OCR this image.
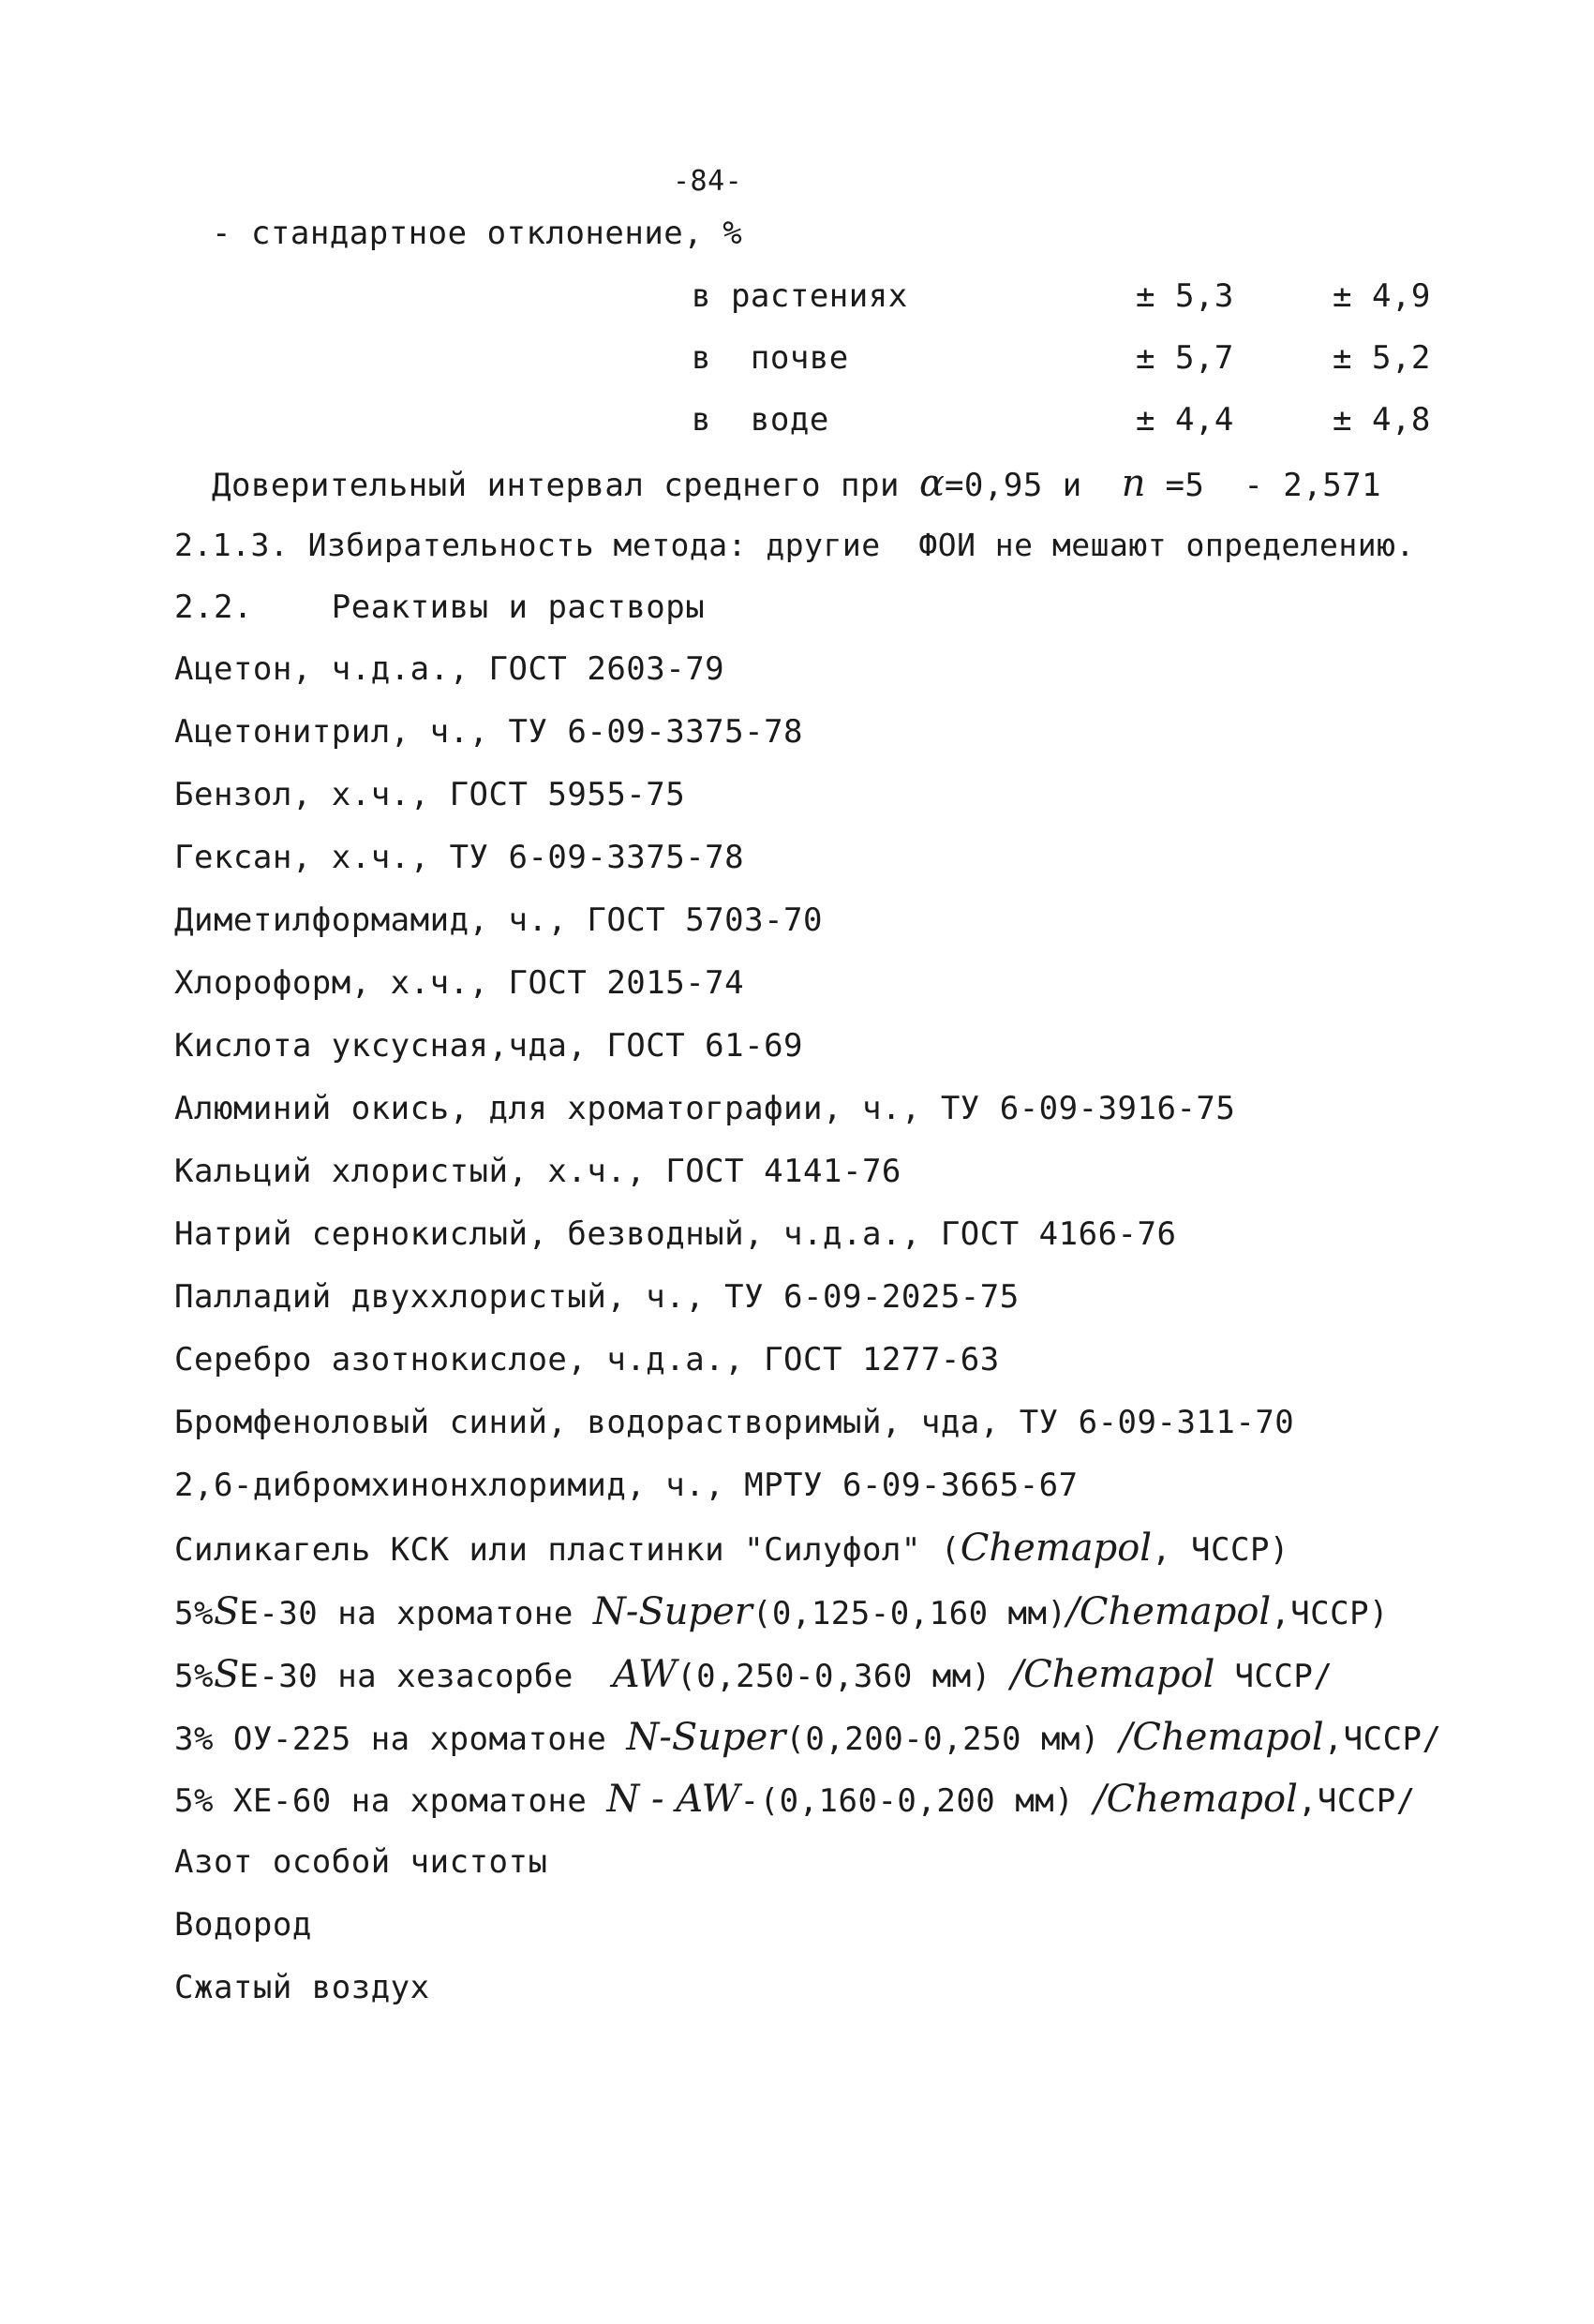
-84-
- стандартное отклонение, %
в растениях	± 5,3	± 4,9
в  почве	± 5,7	± 5,2
в  воде	± 4,4	± 4,8
Доверительный интервал среднего при α=0,95 и n =5  - 2,571
2.1.3. Избирательность метода: другие  ФОИ не мешают определению.
2.2. Реактивы и растворы
Ацетон, ч.д.а., ГОСТ 2603-79
Ацетонитрил, ч., ТУ 6-09-3375-78
Бензол, х.ч., ГОСТ 5955-75
Гексан, х.ч., ТУ 6-09-3375-78
Диметилформамид, ч., ГОСТ 5703-70
Хлороформ, х.ч., ГОСТ 2015-74
Кислота уксусная,чда, ГОСТ 61-69
Алюминий окись, для хроматографии, ч., ТУ 6-09-3916-75
Кальций хлористый, х.ч., ГОСТ 4141-76
Натрий сернокислый, безводный, ч.д.а., ГОСТ 4166-76
Палладий двуххлористый, ч., ТУ 6-09-2025-75
Серебро азотнокислое, ч.д.а., ГОСТ 1277-63
Бромфеноловый синий, водорастворимый, чда, ТУ 6-09-311-70
2,6-дибромхинонхлоримид, ч., МРТУ 6-09-3665-67
Силикагель КСК или пластинки "Силуфол" (Chemapol, ЧССР)
5%SE-30 на хроматоне N-Super(0,125-0,160 мм)/Chemapol,ЧССР)
5%SE-30 на хезасорбе  AW(0,250-0,360 мм) /Chemapol ЧССР/
3% ОУ-225 на хроматоне N-Super(0,200-0,250 мм) /Chemapol,ЧССР/
5% XE-60 на хроматоне N - AW-(0,160-0,200 мм) /Chemapol,ЧССР/
Азот особой чистоты
Водород
Сжатый воздух
